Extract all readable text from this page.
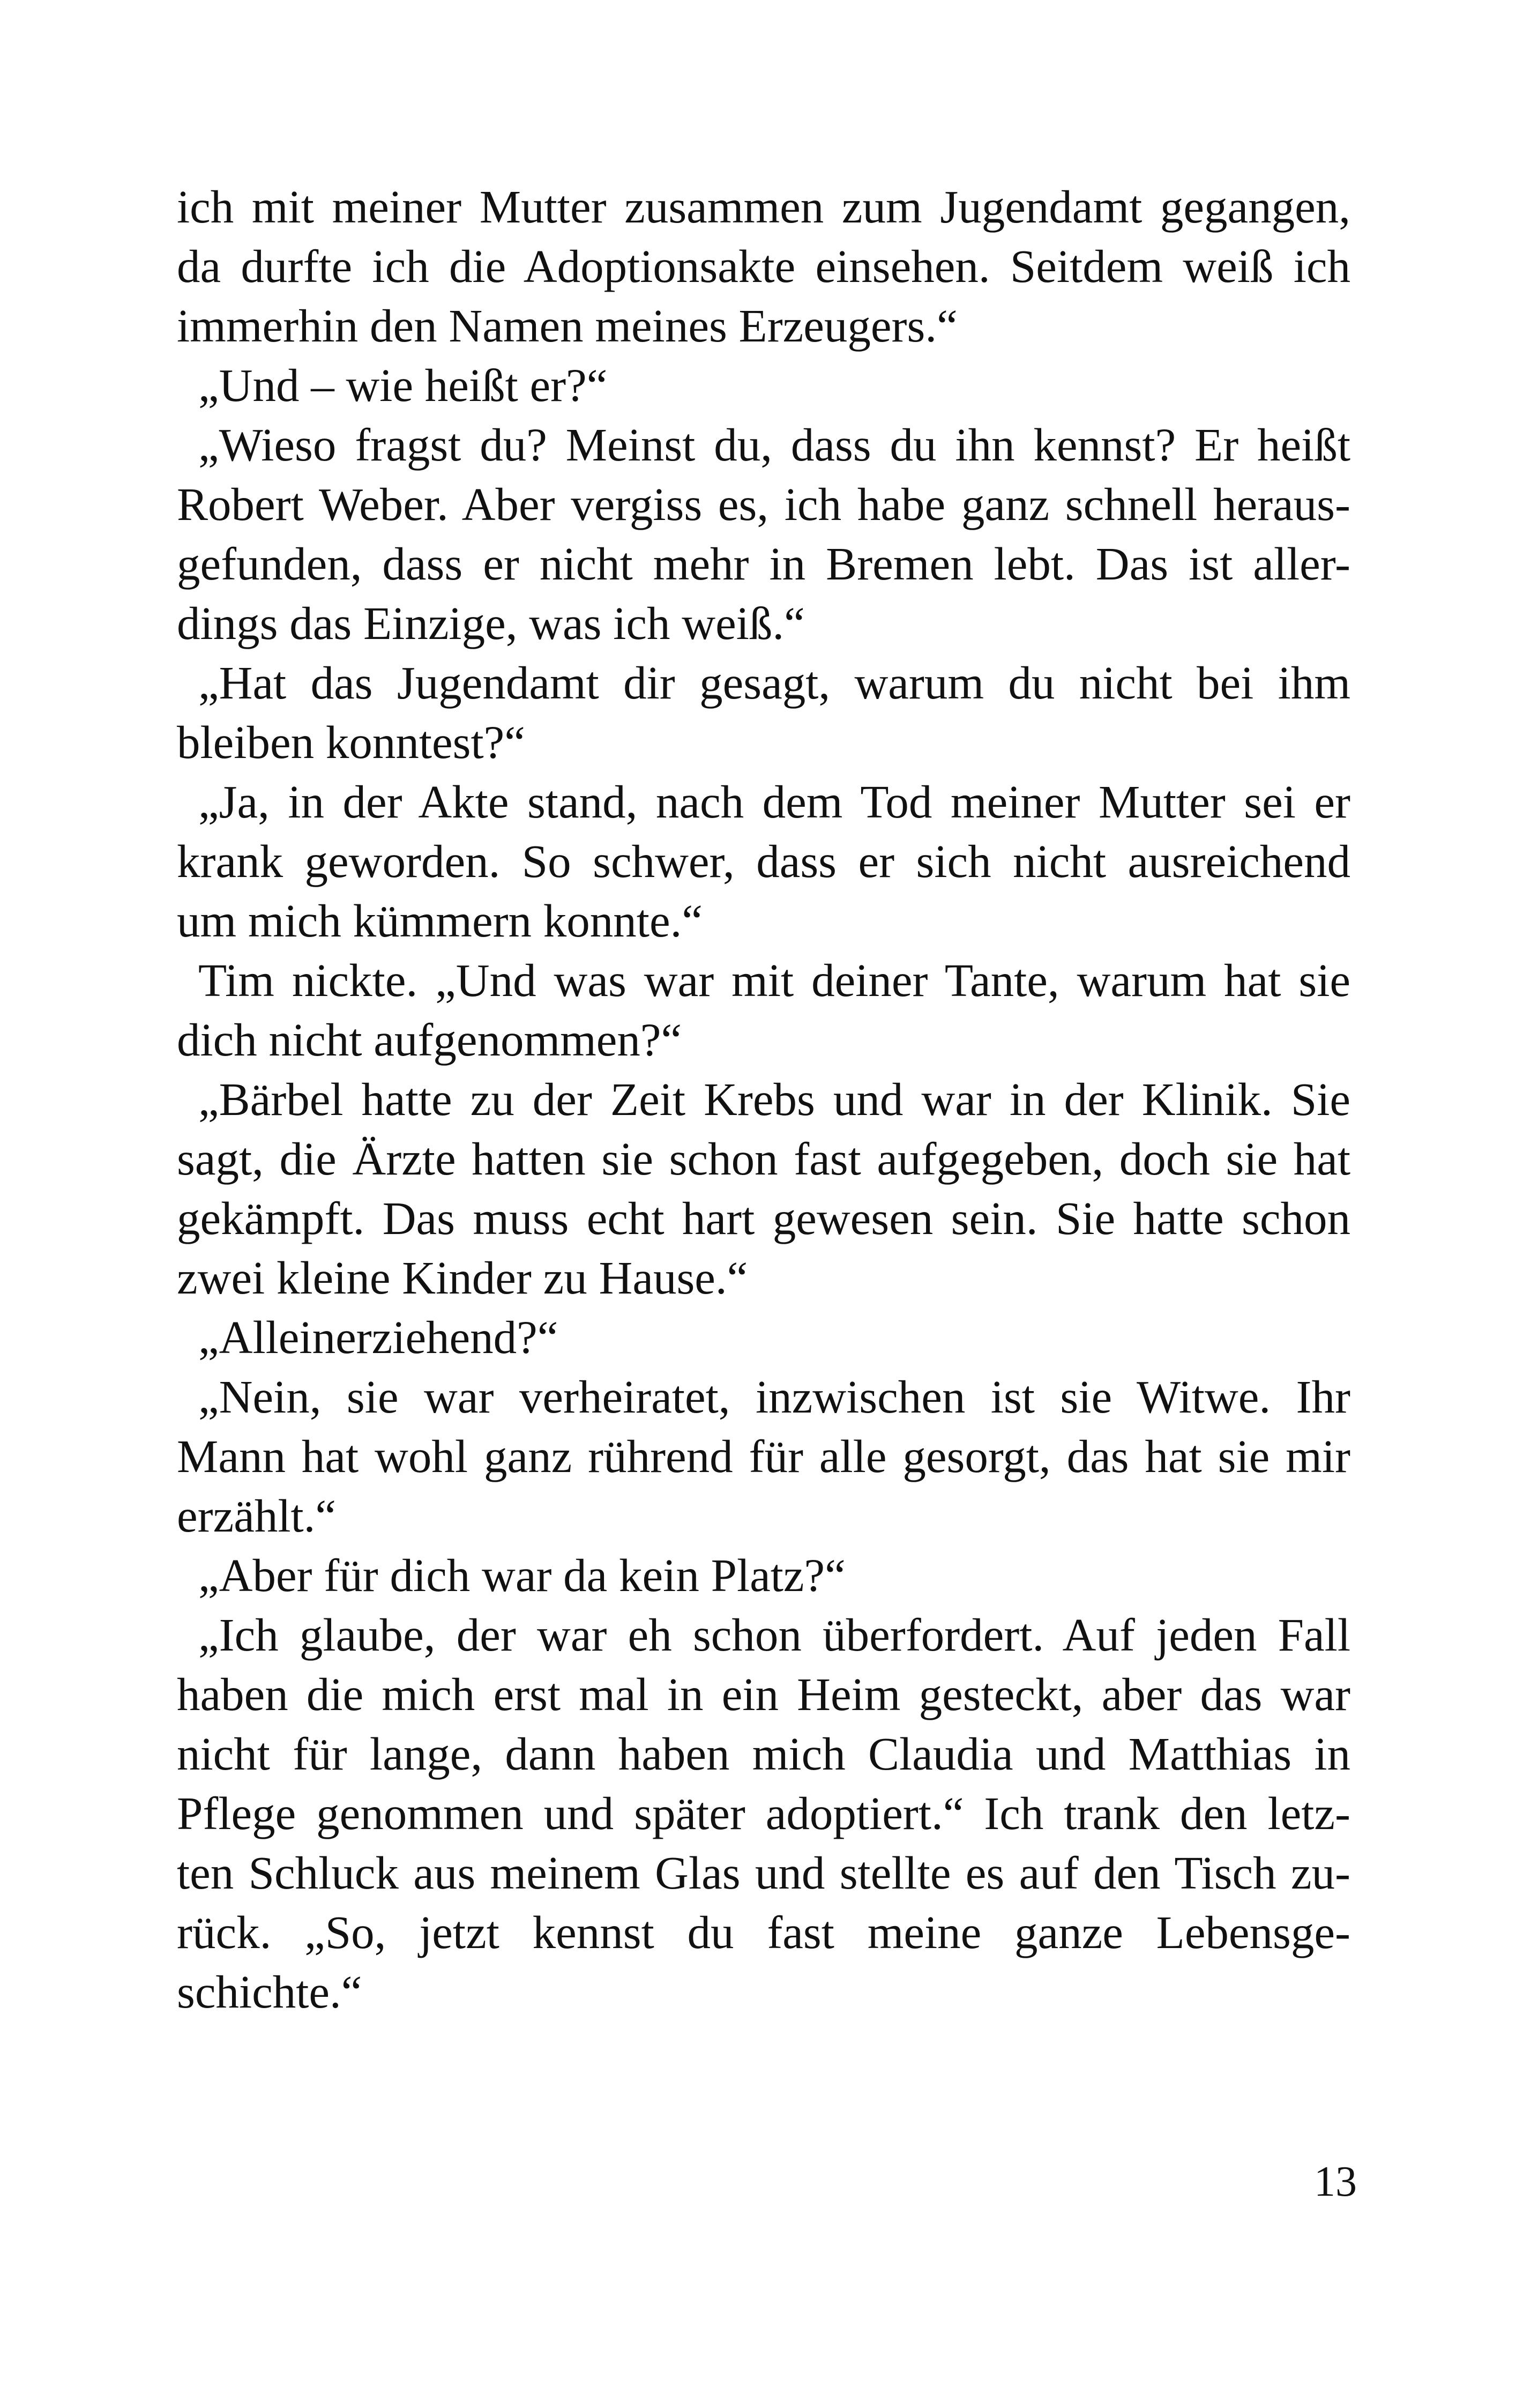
ich mit meiner Mutter zusammen zum Jugendamt gegangen,
da durfte ich die Adoptionsakte einsehen. Seitdem weiß ich
immerhin den Namen meines Erzeugers.“
„Und – wie heißt er?“
„Wieso fragst du? Meinst du, dass du ihn kennst? Er heißt
Robert Weber. Aber vergiss es, ich habe ganz schnell heraus-
gefunden, dass er nicht mehr in Bremen lebt. Das ist aller-
dings das Einzige, was ich weiß.“
„Hat das Jugendamt dir gesagt, warum du nicht bei ihm
bleiben konntest?“
„Ja, in der Akte stand, nach dem Tod meiner Mutter sei er
krank geworden. So schwer, dass er sich nicht ausreichend
um mich kümmern konnte.“
Tim nickte. „Und was war mit deiner Tante, warum hat sie
dich nicht aufgenommen?“
„Bärbel hatte zu der Zeit Krebs und war in der Klinik. Sie
sagt, die Ärzte hatten sie schon fast aufgegeben, doch sie hat
gekämpft. Das muss echt hart gewesen sein. Sie hatte schon
zwei kleine Kinder zu Hause.“
„Alleinerziehend?“
„Nein, sie war verheiratet, inzwischen ist sie Witwe. Ihr
Mann hat wohl ganz rührend für alle gesorgt, das hat sie mir
erzählt.“
„Aber für dich war da kein Platz?“
„Ich glaube, der war eh schon überfordert. Auf jeden Fall
haben die mich erst mal in ein Heim gesteckt, aber das war
nicht für lange, dann haben mich Claudia und Matthias in
Pflege genommen und später adoptiert.“ Ich trank den letz-
ten Schluck aus meinem Glas und stellte es auf den Tisch zu-
rück. „So, jetzt kennst du fast meine ganze Lebensge-
schichte.“
13
